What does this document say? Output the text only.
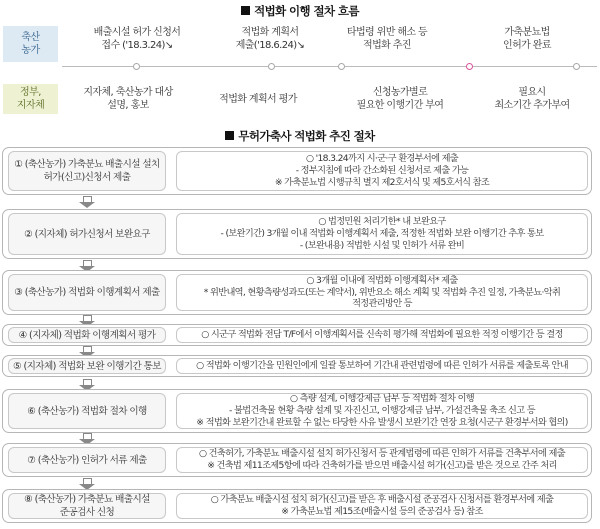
적법화 이행 절차 흐름
축산
농가
정부,
지자체
배출시설 허가 신청서
접수 ('18.3.24)↘
적법화 계획서
제출('18.6.24)↘
타법령 위반 해소 등
적법화 추진
가축분뇨법
인허가 완료
지자체, 축산농가 대상
설명, 홍보
적법화 계획서 평가
신청농가별로
필요한 이행기간 부여
필요시
최소기간 추가부여
무허가축사 적법화 추진 절차
① (축산농가) 가축분뇨 배출시설 설치
허가(신고)신청서 제출
○ '18.3.24까지 시·군·구 환경부서에 제출
- 정부지침에 따라 간소화된 신청서로 제출 가능
※ 가축분뇨법 시행규칙 별지 제2호서식 및 제5호서식 참조
② (지자체) 허가신청서 보완요구
○ 법정민원 처리기한* 내 보완요구
- (보완기간) 3개월 이내 적법화 이행계획서 제출, 적정한 적법화 보완 이행기간 추후 통보
- (보완내용) 적법한 시설 및 인허가 서류 완비
③ (축산농가) 적법화 이행계획서 제출
○ 3개월 이내에 적법화 이행계획서* 제출
* 위반내역, 현황측량성과도(또는 계약서), 위반요소 해소 계획 및 적법화 추진 일정, 가축분뇨·악취
적정관리방안 등
④ (지자체) 적법화 이행계획서 평가	○ 시군구 적법화 전담 T/F에서 이행계획서를 신속히 평가해 적법화에 필요한 적정 이행기간 등 결정
⑤ (지자체) 적법화 보완 이행기간 통보	○ 적법화 이행기간을 민원인에게 일괄 통보하여 기간내 관련법령에 따른 인허가 서류를 제출토록 안내
⑥ (축산농가) 적법화 절차 이행
○ 측량 설계, 이행강제금 납부 등 적법화 절차 이행
- 불법건축물 현황 측량 설계 및 자진신고, 이행강제금 납부, 가설건축물 축조 신고 등
※ 적법화 보완기간내 완료할 수 없는 타당한 사유 발생시 보완기간 연장 요청(시군구 환경부서와 협의)
⑦ (축산농가) 인허가 서류 제출
○ 건축허가, 가축분뇨 배출시설 설치 허가신청서 등 관계법령에 따른 인허가 서류를 건축부서에 제출
※ 건축법 제11조제5항에 따라 건축허가를 받으면 배출시설 허가(신고)를 받은 것으로 간주 처리
⑧ (축산농가) 가축분뇨 배출시설
준공검사 신청
○ 가축분뇨 배출시설 설치 허가(신고)를 받은 후 배출시설 준공검사 신청서를 환경부서에 제출
※ 가축분뇨법 제15조(배출시설 등의 준공검사 등) 참조
